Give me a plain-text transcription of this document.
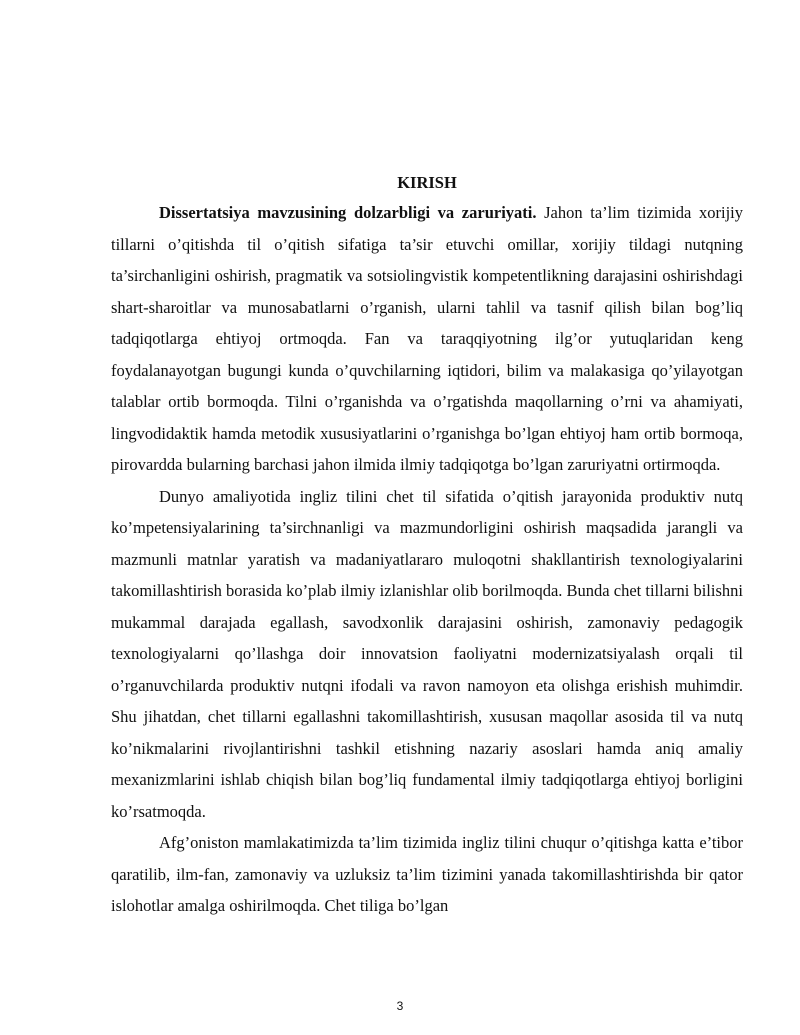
KIRISH

Dissertatsiya mavzusining dolzarbligi va zaruriyati. Jahon ta’lim tizimida xorijiy tillarni o’qitishda til o’qitish sifatiga ta’sir etuvchi omillar, xorijiy tildagi nutqning ta’sirchanligini oshirish, pragmatik va sotsiolingvistik kompetentlikning darajasini oshirishdagi shart-sharoitlar va munosabatlarni o’rganish, ularni tahlil va tasnif qilish bilan bog’liq tadqiqotlarga ehtiyoj ortmoqda. Fan va taraqqiyotning ilg’or yutuqlaridan keng foydalanayotgan bugungi kunda o’quvchilarning iqtidori, bilim va malakasiga qo’yilayotgan talablar ortib bormoqda. Tilni o’rganishda va o’rgatishda maqollarning o’rni va ahamiyati, lingvodidaktik hamda metodik xususiyatlarini o’rganishga bo’lgan ehtiyoj ham ortib bormoqa, pirovardda bularning barchasi jahon ilmida ilmiy tadqiqotga bo’lgan zaruriyatni ortirmoqda.

Dunyo amaliyotida ingliz tilini chet til sifatida o’qitish jarayonida produktiv nutq ko’mpetensiyalarining ta’sirchnanligi va mazmundorligini oshirish maqsadida jarangli va mazmunli matnlar yaratish va madaniyatlararo muloqotni shakllantirish texnologiyalarini takomillashtirish borasida ko’plab ilmiy izlanishlar olib borilmoqda. Bunda chet tillarni bilishni mukammal darajada egallash, savodxonlik darajasini oshirish, zamonaviy pedagogik texnologiyalarni qo’llashga doir innovatsion faoliyatni modernizatsiyalash orqali til o’rganuvchilarda produktiv nutqni ifodali va ravon namoyon eta olishga erishish muhimdir. Shu jihatdan, chet tillarni egallashni takomillashtirish, xususan maqollar asosida til va nutq ko’nikmalarini rivojlantirishni tashkil etishning nazariy asoslari hamda aniq amaliy mexanizmlarini ishlab chiqish bilan bog’liq fundamental ilmiy tadqiqotlarga ehtiyoj borligini ko’rsatmoqda.

Afg’oniston mamlakatimizda ta’lim tizimida ingliz tilini chuqur o’qitishga katta e’tibor qaratilib, ilm-fan, zamonaviy va uzluksiz ta’lim tizimini yanada takomillashtirishda bir qator islohotlar amalga oshirilmoqda. Chet tiliga bo’lgan

3
